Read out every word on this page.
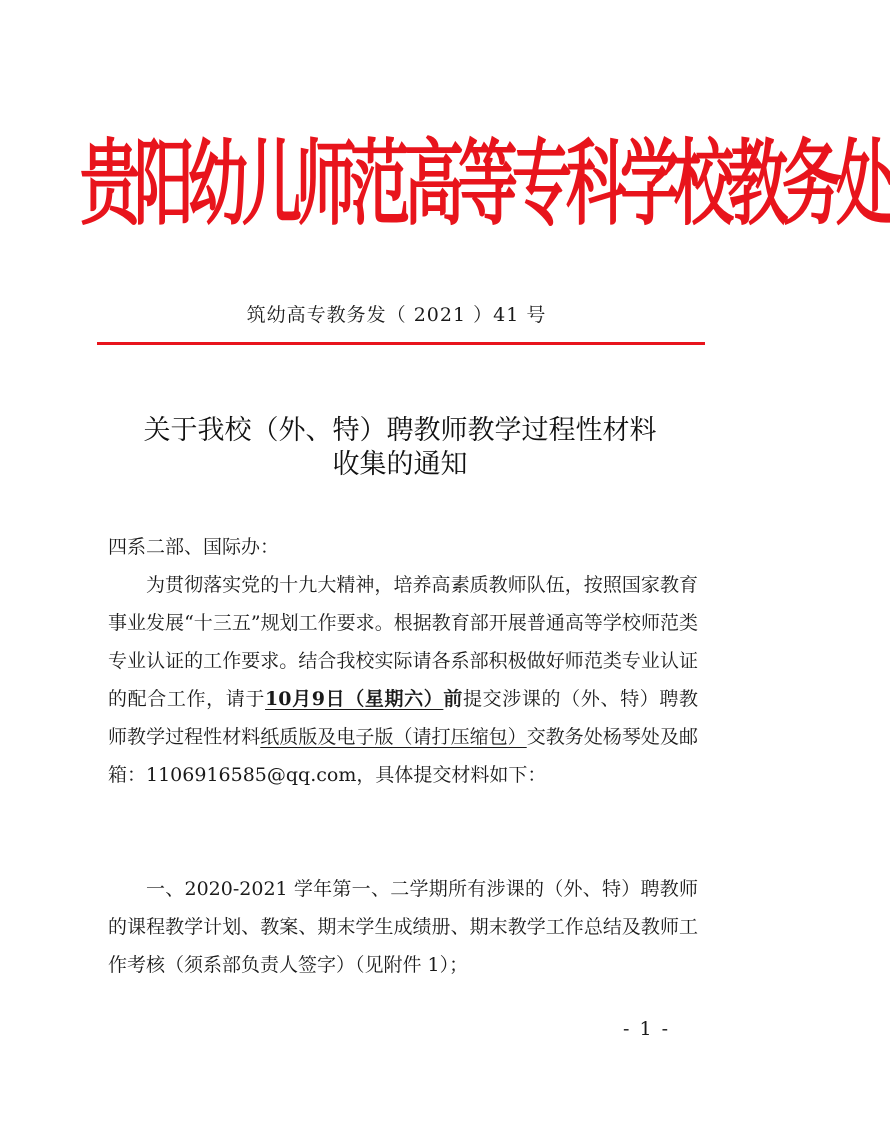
贵阳幼儿师范高等专科学校教务处
筑幼高专教务发（ 2021 ）41 号
关于我校（外、特）聘教师教学过程性材料
收集的通知
四系二部、国际办：
为贯彻落实党的十九大精神，培养高素质教师队伍，按照国家教育事业发展“十三五”规划工作要求。根据教育部开展普通高等学校师范类专业认证的工作要求。结合我校实际请各系部积极做好师范类专业认证的配合工作，请于10月9日（星期六）前提交涉课的（外、特）聘教师教学过程性材料纸质版及电子版（请打压缩包）交教务处杨琴处及邮箱：1106916585@qq.com，具体提交材料如下：
一、2020-2021 学年第一、二学期所有涉课的（外、特）聘教师的课程教学计划、教案、期末学生成绩册、期末教学工作总结及教师工作考核（须系部负责人签字）（见附件 1）；
- 1 -
